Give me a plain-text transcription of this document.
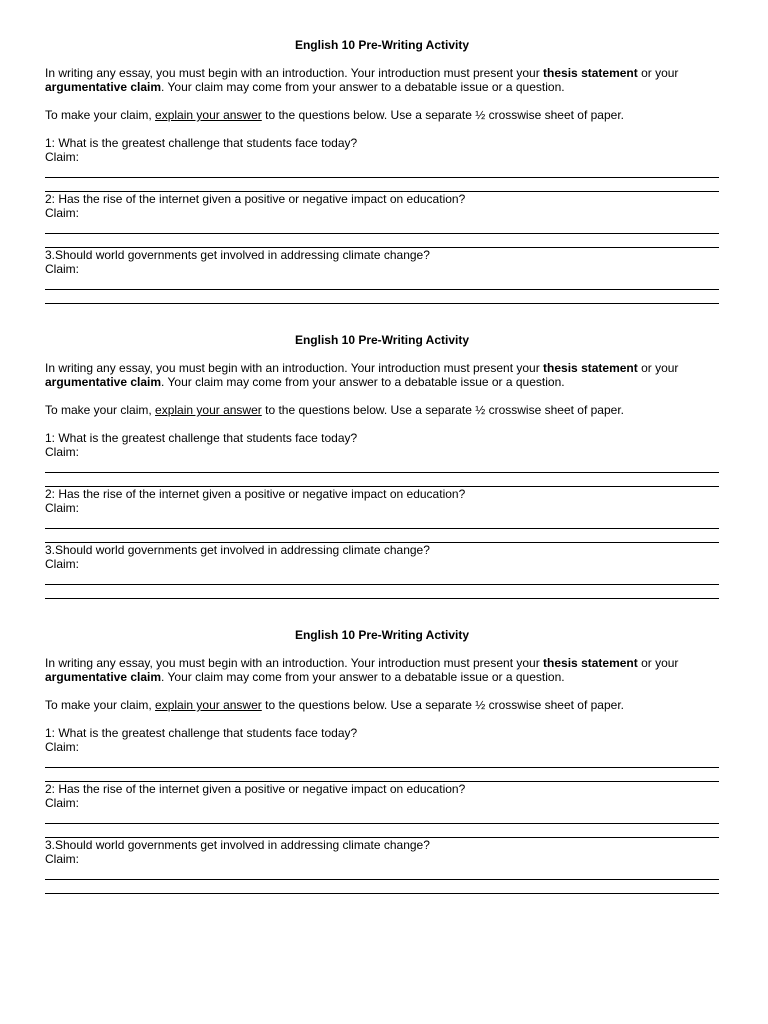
English 10 Pre-Writing Activity
In writing any essay, you must begin with an introduction. Your introduction must present your thesis statement or your argumentative claim. Your claim may come from your answer to a debatable issue or a question.
To make your claim, explain your answer to the questions below. Use a separate ½ crosswise sheet of paper.
1: What is the greatest challenge that students face today?
Claim:
2: Has the rise of the internet given a positive or negative impact on education?
Claim:
3.Should world governments get involved in addressing climate change?
Claim:
English 10 Pre-Writing Activity
In writing any essay, you must begin with an introduction. Your introduction must present your thesis statement or your argumentative claim. Your claim may come from your answer to a debatable issue or a question.
To make your claim, explain your answer to the questions below. Use a separate ½ crosswise sheet of paper.
1: What is the greatest challenge that students face today?
Claim:
2: Has the rise of the internet given a positive or negative impact on education?
Claim:
3.Should world governments get involved in addressing climate change?
Claim:
English 10 Pre-Writing Activity
In writing any essay, you must begin with an introduction. Your introduction must present your thesis statement or your argumentative claim. Your claim may come from your answer to a debatable issue or a question.
To make your claim, explain your answer to the questions below. Use a separate ½ crosswise sheet of paper.
1: What is the greatest challenge that students face today?
Claim:
2: Has the rise of the internet given a positive or negative impact on education?
Claim:
3.Should world governments get involved in addressing climate change?
Claim:
